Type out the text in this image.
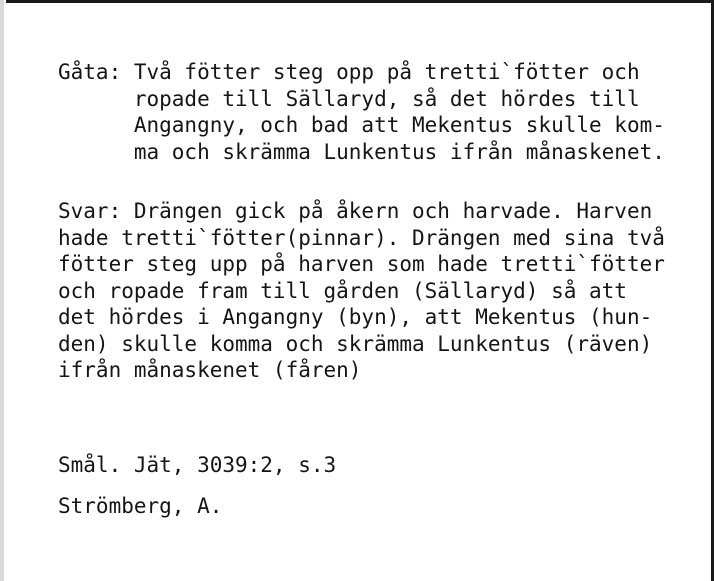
Gåta: Två fötter steg opp på tretti`fötter och
ropade till Sällaryd, så det hördes till
Angangny, och bad att Mekentus skulle kom-
ma och skrämma Lunkentus ifrån månaskenet.
Svar: Drängen gick på åkern och harvade. Harven
hade tretti`fötter(pinnar). Drängen med sina två
fötter steg upp på harven som hade tretti`fötter
och ropade fram till gården (Sällaryd) så att
det hördes i Angangny (byn), att Mekentus (hun-
den) skulle komma och skrämma Lunkentus (räven)
ifrån månaskenet (fåren)
Smål. Jät, 3039:2, s.3
Strömberg, A.
